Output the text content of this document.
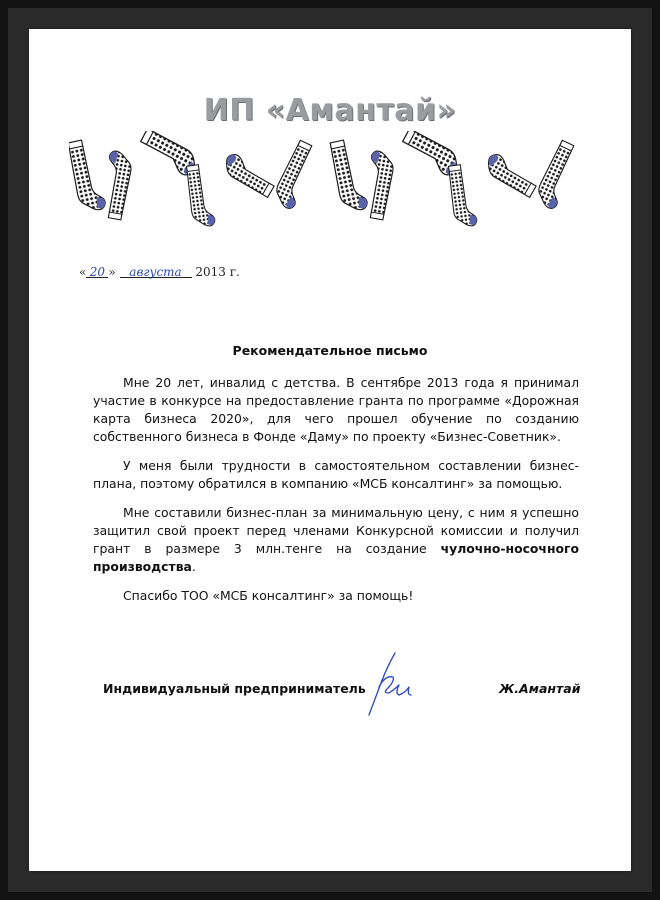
ИП «Амантай»
« 20 » августа 2013 г.
Рекомендательное письмо

Мне 20 лет, инвалид с детства. В сентябре 2013 года я принимал участие в конкурсе на предоставление гранта по программе «Дорожная карта бизнеса 2020», для чего прошел обучение по созданию собственного бизнеса в Фонде «Даму» по проекту «Бизнес-Советник».

У меня были трудности в самостоятельном составлении бизнес-плана, поэтому обратился в компанию «МСБ консалтинг» за помощью.

Мне составили бизнес-план за минимальную цену, с ним я успешно защитил свой проект перед членами Конкурсной комиссии и получил грант в размере 3 млн.тенге на создание чулочно-носочного производства.

Спасибо ТОО «МСБ консалтинг» за помощь!

Индивидуальный предприниматель	Ж.Амантай
